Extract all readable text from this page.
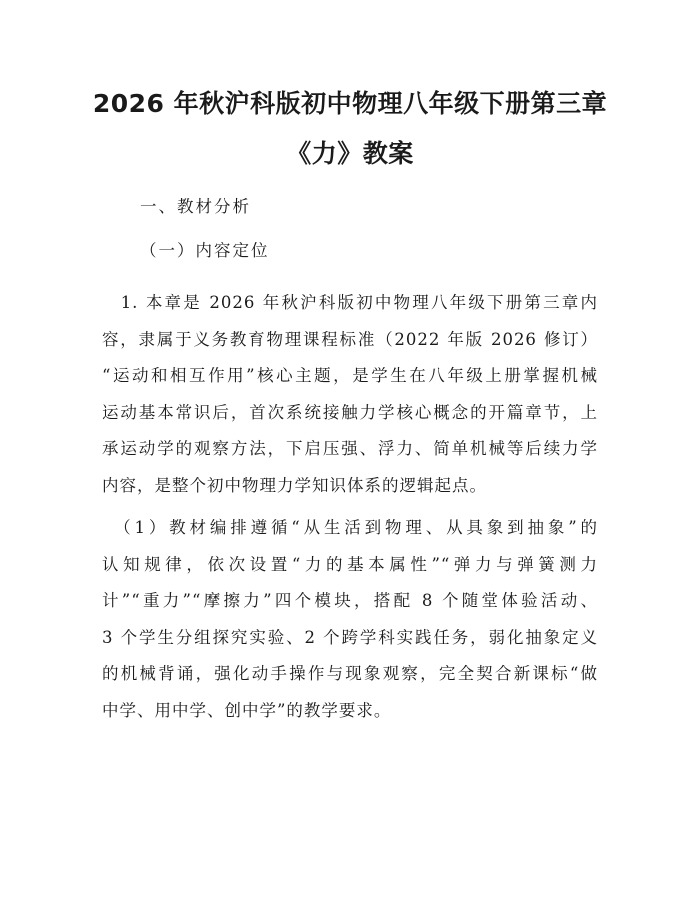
2026 年秋沪科版初中物理八年级下册第三章
《力》教案
一、教材分析
（一）内容定位
　1. 本章是 2026 年秋沪科版初中物理八年级下册第三章内
容，隶属于义务教育物理课程标准（2022 年版 2026 修订）
“运动和相互作用”核心主题，是学生在八年级上册掌握机械
运动基本常识后，首次系统接触力学核心概念的开篇章节，上
承运动学的观察方法，下启压强、浮力、简单机械等后续力学
内容，是整个初中物理力学知识体系的逻辑起点。
　（1）教材编排遵循“从生活到物理、从具象到抽象”的
认知规律，依次设置“力的基本属性”“弹力与弹簧测力
计”“重力”“摩擦力”四个模块，搭配 8 个随堂体验活动、
3 个学生分组探究实验、2 个跨学科实践任务，弱化抽象定义
的机械背诵，强化动手操作与现象观察，完全契合新课标“做
中学、用中学、创中学”的教学要求。
